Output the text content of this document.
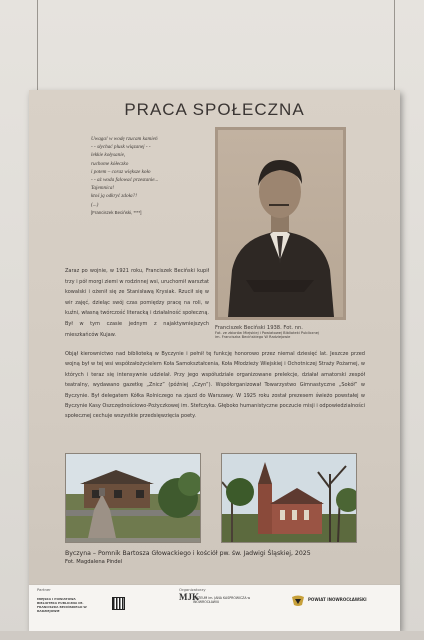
PRACA SPOŁECZNA
Uwaga! w wodę rzucam kamień
- - słychać plusk wiązanej - -
lekkie kołysanie,
ruchome kółeczko
i potem – coraz większe koło
- - aż woda falować przestanie...
Tajemnica!
ktoś ją odkryć zdoła?!
(...)
[Franciszek Beciński, ****]
Franciszek Beciński 1938. Fot. nn.
Fot. ze zbiorów Miejskiej i Powiatowej Biblioteki Publicznej
im. Franciszka Becińskiego W Radziejowie
Zaraz po wojnie, w 1921 roku, Franciszek Beciński kupił trzy i pół morgi ziemi w rodzinnej wsi, uruchomił warsztat kowalski i ożenił się ze Stanisławą Krysiak. Rzucił się w wir zajęć, dzieląc swój czas pomiędzy pracę na roli, w kuźni, własną twórczość literacką i działalność społeczną. Był w tym czasie jednym z najaktywniejszych mieszkańców Kujaw.
Objął kierownictwo nad biblioteką w Byczynie i pełnił tę funkcję honorowo przez niemal dziesięć lat. Jeszcze przed wojną był w tej wsi współzałożycielem Koła Samokształcenia, Koła Młodzieży Wiejskiej i Ochotniczej Straży Pożarnej, w których i teraz się intensywnie udzielał. Przy jego współudziale organizowane prelekcje, działał amatorski zespół teatralny, wydawano gazetkę „Znicz” (później „Czyn”). Współorganizował Towarzystwo Gimnastyczne „Sokół” w Byczynie. Był delegatem Kółka Rolniczego na zjazd do Warszawy. W 1925 roku został prezesem świeżo powstałej w Byczynie Kasy Oszczędnościowo-Pożyczkowej im. Stefczyka. Głęboko humanistyczne poczucie misji i odpowiedzialności społecznej cechuje wszystkie przedsięwzięcia poety.
Byczyna – Pomnik Bartosza Głowackiego i kościół pw. św. Jadwigi Śląskiej, 2025
Fot. Magdalena Pindel
Partner	Organizatorzy
MIEJSKA I POWIATOWA BIBLIOTEKA PUBLICZNA IM. FRANCISZKA BECIŃSKIEGO W RADZIEJOWIE
MJK
MUZEUM im. JANA KASPROWICZA w INOWROCŁAWIU	POWIAT INOWROCŁAWSKI
